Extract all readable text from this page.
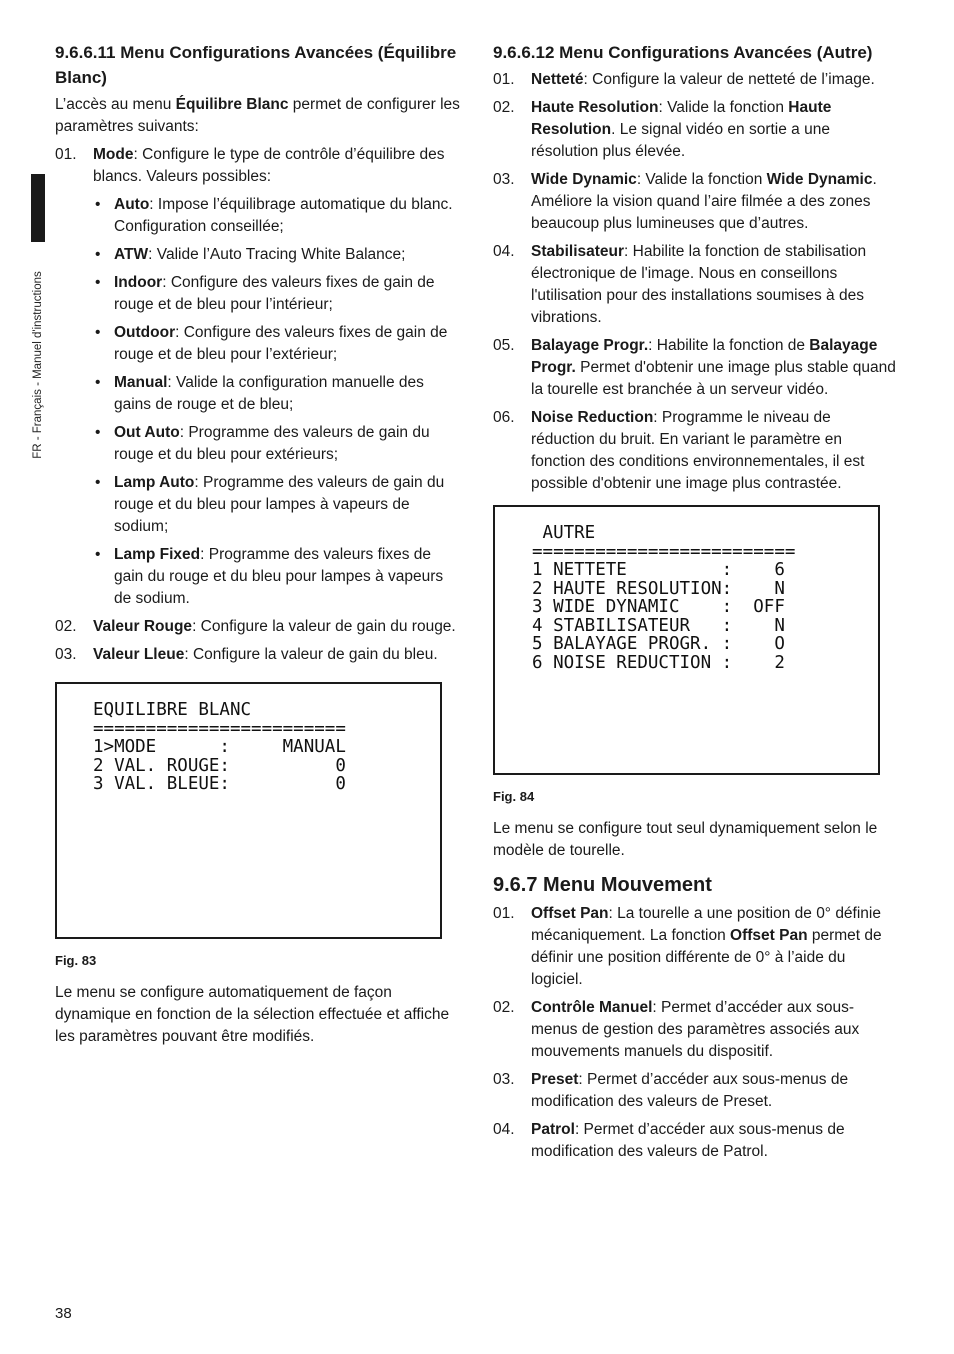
FR - Français - Manuel d'instructions
9.6.6.11 Menu Configurations Avancées (Équilibre Blanc)

L’accès au menu Équilibre Blanc permet de configurer les paramètres suivants:

01.	Mode: Configure le type de contrôle d’équilibre des blancs. Valeurs possibles:
• Auto: Impose l’équilibrage automatique du blanc. Configuration conseillée;
• ATW: Valide l’Auto Tracing White Balance;
• Indoor: Configure des valeurs fixes de gain de rouge et de bleu pour l’intérieur;
• Outdoor: Configure des valeurs fixes de gain de rouge et de bleu pour l’extérieur;
• Manual: Valide la configuration manuelle des gains de rouge et de bleu;
• Out Auto: Programme des valeurs de gain du rouge et du bleu pour extérieurs;
• Lamp Auto: Programme des valeurs de gain du rouge et du bleu pour lampes à vapeurs de sodium;
• Lamp Fixed: Programme des valeurs fixes de gain du rouge et du bleu pour lampes à vapeurs de sodium.
02.	Valeur Rouge: Configure la valeur de gain du rouge.
03.	Valeur Lleue: Configure la valeur de gain du bleu.
EQUILIBRE BLANC
========================
1>MODE      :     MANUAL
2 VAL. ROUGE:          0
3 VAL. BLEUE:          0
Fig. 83

Le menu se configure automatiquement de façon dynamique en fonction de la sélection effectuée et affiche les paramètres pouvant être modifiés.

9.6.6.12 Menu Configurations Avancées (Autre)
01.	Netteté: Configure la valeur de netteté de l’image.
02.	Haute Resolution: Valide la fonction Haute Resolution. Le signal vidéo en sortie a une résolution plus élevée.
03.	Wide Dynamic: Valide la fonction Wide Dynamic. Améliore la vision quand l’aire filmée a des zones beaucoup plus lumineuses que d’autres.
04.	Stabilisateur: Habilite la fonction de stabilisation électronique de l'image. Nous en conseillons l'utilisation pour des installations soumises à des vibrations.
05.	Balayage Progr.: Habilite la fonction de Balayage Progr. Permet d'obtenir une image plus stable quand la tourelle est branchée à un serveur vidéo.
06.	Noise Reduction: Programme le niveau de réduction du bruit. En variant le paramètre en fonction des conditions environnementales, il est possible d'obtenir une image plus contrastée.
AUTRE
=========================
1 NETTETE         :    6
2 HAUTE RESOLUTION:    N
3 WIDE DYNAMIC    :  OFF
4 STABILISATEUR   :    N
5 BALAYAGE PROGR. :    O
6 NOISE REDUCTION :    2
Fig. 84

Le menu se configure tout seul dynamiquement selon le modèle de tourelle.

9.6.7 Menu Mouvement
01.	Offset Pan: La tourelle a une position de 0° définie mécaniquement. La fonction Offset Pan permet de définir une position différente de 0° à l’aide du logiciel.
02.	Contrôle Manuel: Permet d’accéder aux sous-menus de gestion des paramètres associés aux mouvements manuels du dispositif.
03.	Preset: Permet d’accéder aux sous-menus de modification des valeurs de Preset.
04.	Patrol: Permet d’accéder aux sous-menus de modification des valeurs de Patrol.
38
